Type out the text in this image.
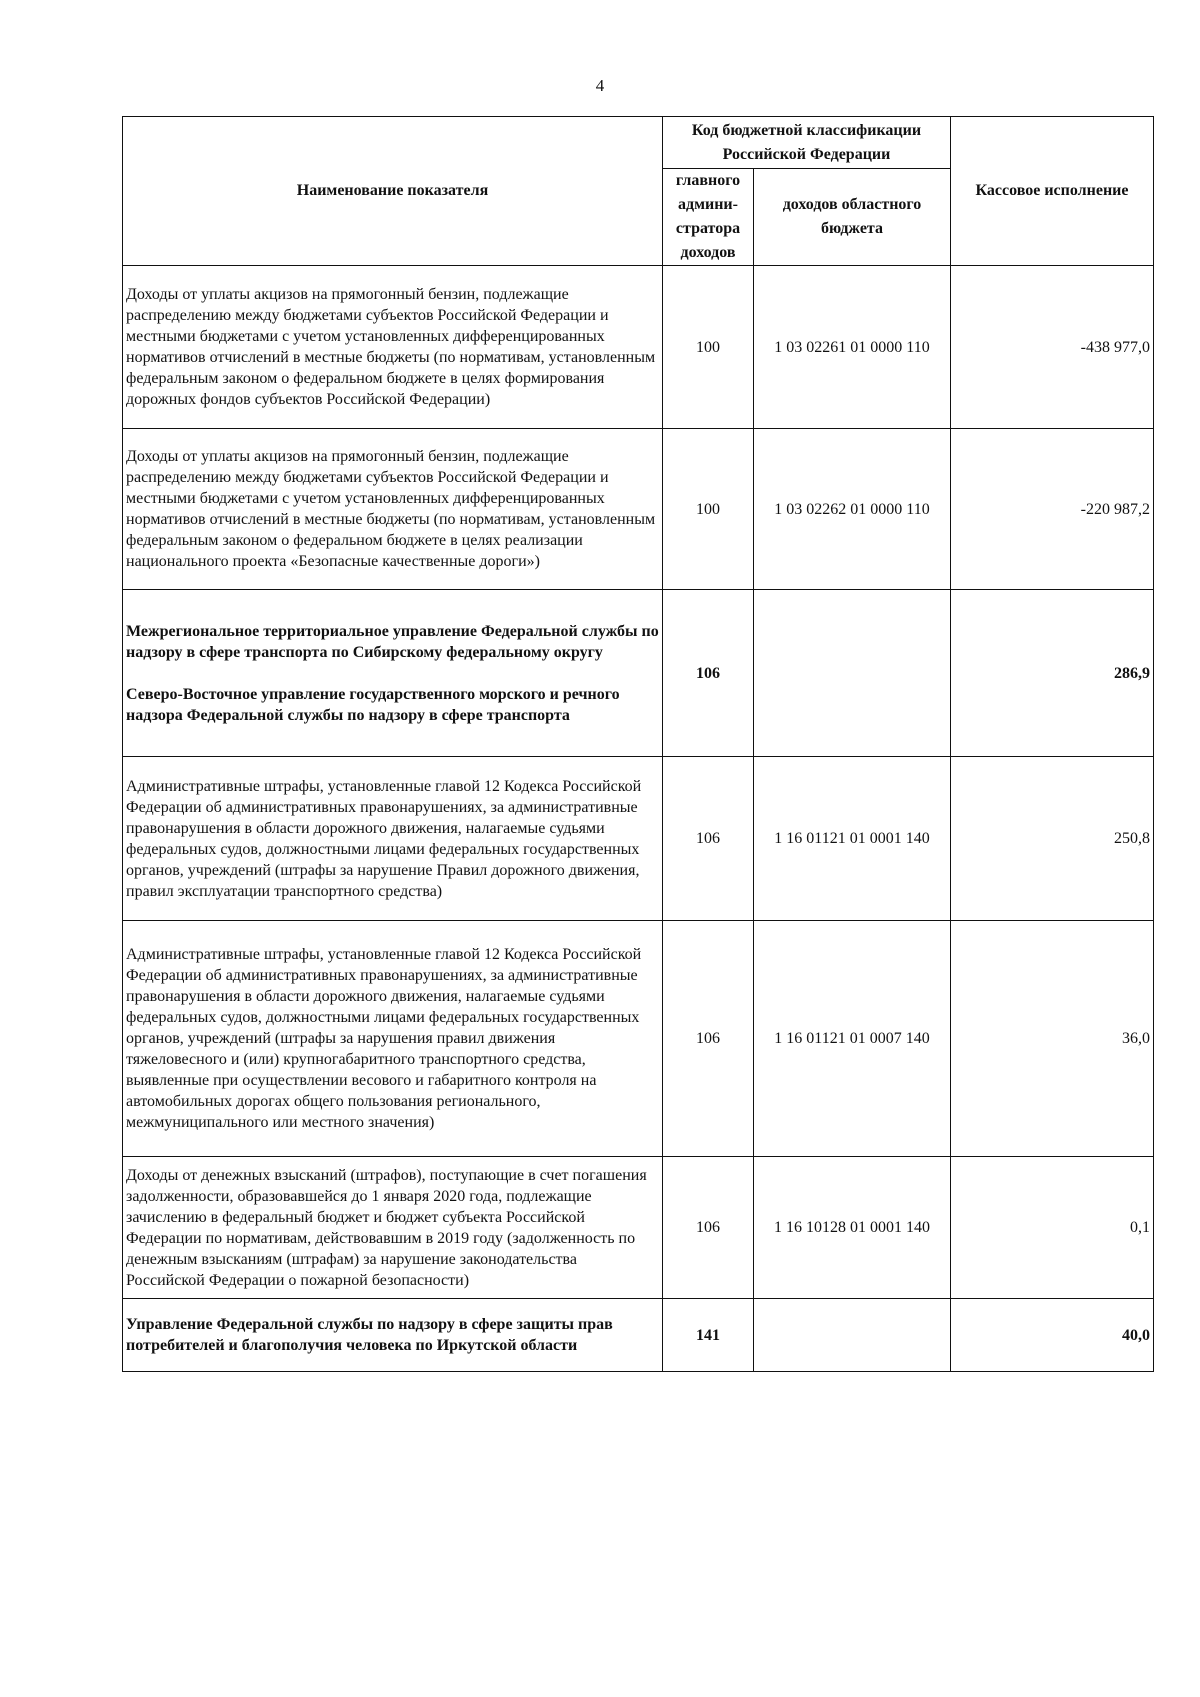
4
Наименование показателя	Код бюджетной классификации Российской Федерации		Кассовое исполнение
	главного админи-стратора доходов	доходов областного бюджета	
Доходы от уплаты акцизов на прямогонный бензин, подлежащие распределению между бюджетами субъектов Российской Федерации и местными бюджетами с учетом установленных дифференцированных нормативов отчислений в местные бюджеты (по нормативам, установленным федеральным законом о федеральном бюджете в целях формирования дорожных фондов субъектов Российской Федерации)	100	1 03 02261 01 0000 110	-438 977,0
Доходы от уплаты акцизов на прямогонный бензин, подлежащие распределению между бюджетами субъектов Российской Федерации и местными бюджетами с учетом установленных дифференцированных нормативов отчислений в местные бюджеты (по нормативам, установленным федеральным законом о федеральном бюджете в целях реализации национального проекта «Безопасные качественные дороги»)	100	1 03 02262 01 0000 110	-220 987,2

Межрегиональное территориальное управление Федеральной службы по надзору в сфере транспорта по Сибирскому федеральному округу
Северо-Восточное управление государственного морского и речного надзора Федеральной службы по надзору в сфере транспорта	106		286,9
Административные штрафы, установленные главой 12 Кодекса Российской Федерации об административных правонарушениях, за административные правонарушения в области дорожного движения, налагаемые судьями федеральных судов, должностными лицами федеральных государственных органов, учреждений (штрафы за нарушение Правил дорожного движения, правил эксплуатации транспортного средства)	106	1 16 01121 01 0001 140	250,8
Административные штрафы, установленные главой 12 Кодекса Российской Федерации об административных правонарушениях, за административные правонарушения в области дорожного движения, налагаемые судьями федеральных судов, должностными лицами федеральных государственных органов, учреждений (штрафы за нарушения правил движения тяжеловесного и (или) крупногабаритного транспортного средства, выявленные при осуществлении весового и габаритного контроля на автомобильных дорогах общего пользования регионального, межмуниципального или местного значения)	106	1 16 01121 01 0007 140	36,0
Доходы от денежных взысканий (штрафов), поступающие в счет погашения задолженности, образовавшейся до 1 января 2020 года, подлежащие зачислению в федеральный бюджет и бюджет субъекта Российской Федерации по нормативам, действовавшим в 2019 году (задолженность по денежным взысканиям (штрафам) за нарушение законодательства Российской Федерации о пожарной безопасности)	106	1 16 10128 01 0001 140	0,1
Управление Федеральной службы по надзору в сфере защиты прав потребителей и благополучия человека по Иркутской области	141		40,0
